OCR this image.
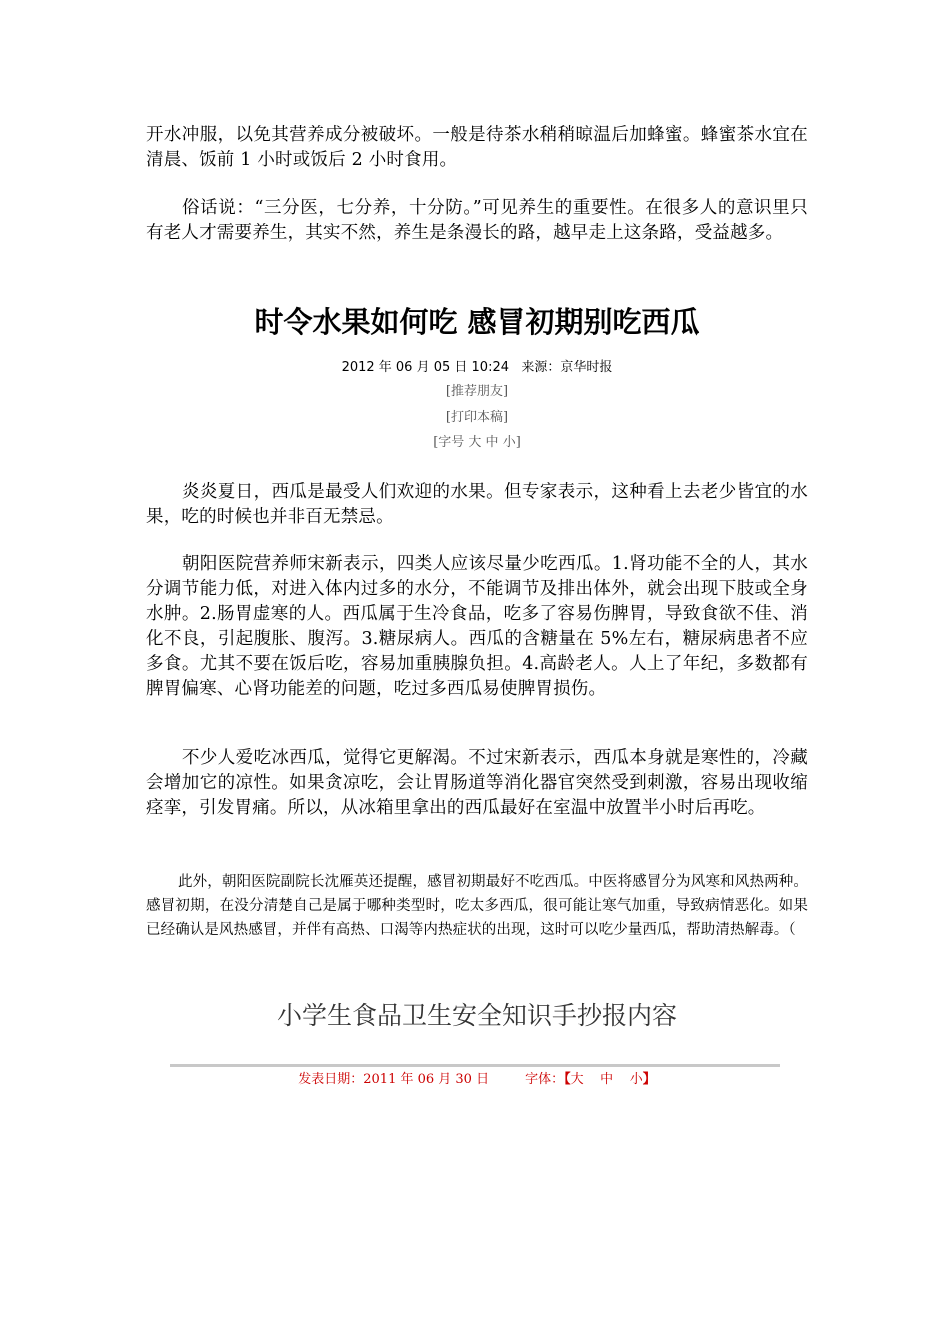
开水冲服，以免其营养成分被破坏。一般是待茶水稍稍晾温后加蜂蜜。蜂蜜茶水宜在清晨、饭前 1 小时或饭后 2 小时食用。

俗话说：“三分医，七分养，十分防。”可见养生的重要性。在很多人的意识里只有老人才需要养生，其实不然，养生是条漫长的路，越早走上这条路，受益越多。

时令水果如何吃 感冒初期别吃西瓜
2012 年 06 月 05 日 10:24 来源：京华时报
[推荐朋友]
[打印本稿]
[字号 大 中 小]

炎炎夏日，西瓜是最受人们欢迎的水果。但专家表示，这种看上去老少皆宜的水果，吃的时候也并非百无禁忌。

朝阳医院营养师宋新表示，四类人应该尽量少吃西瓜。1.肾功能不全的人，其水分调节能力低，对进入体内过多的水分，不能调节及排出体外，就会出现下肢或全身水肿。2.肠胃虚寒的人。西瓜属于生冷食品，吃多了容易伤脾胃，导致食欲不佳、消化不良，引起腹胀、腹泻。3.糖尿病人。西瓜的含糖量在 5%左右，糖尿病患者不应多食。尤其不要在饭后吃，容易加重胰腺负担。4.高龄老人。人上了年纪，多数都有脾胃偏寒、心肾功能差的问题，吃过多西瓜易使脾胃损伤。

不少人爱吃冰西瓜，觉得它更解渴。不过宋新表示，西瓜本身就是寒性的，冷藏会增加它的凉性。如果贪凉吃，会让胃肠道等消化器官突然受到刺激，容易出现收缩痉挛，引发胃痛。所以，从冰箱里拿出的西瓜最好在室温中放置半小时后再吃。

此外，朝阳医院副院长沈雁英还提醒，感冒初期最好不吃西瓜。中医将感冒分为风寒和风热两种。感冒初期，在没分清楚自己是属于哪种类型时，吃太多西瓜，很可能让寒气加重，导致病情恶化。如果已经确认是风热感冒，并伴有高热、口渴等内热症状的出现，这时可以吃少量西瓜，帮助清热解毒。（

小学生食品卫生安全知识手抄报内容
发表日期：2011 年 06 月 30 日	字体：【大 中 小】
